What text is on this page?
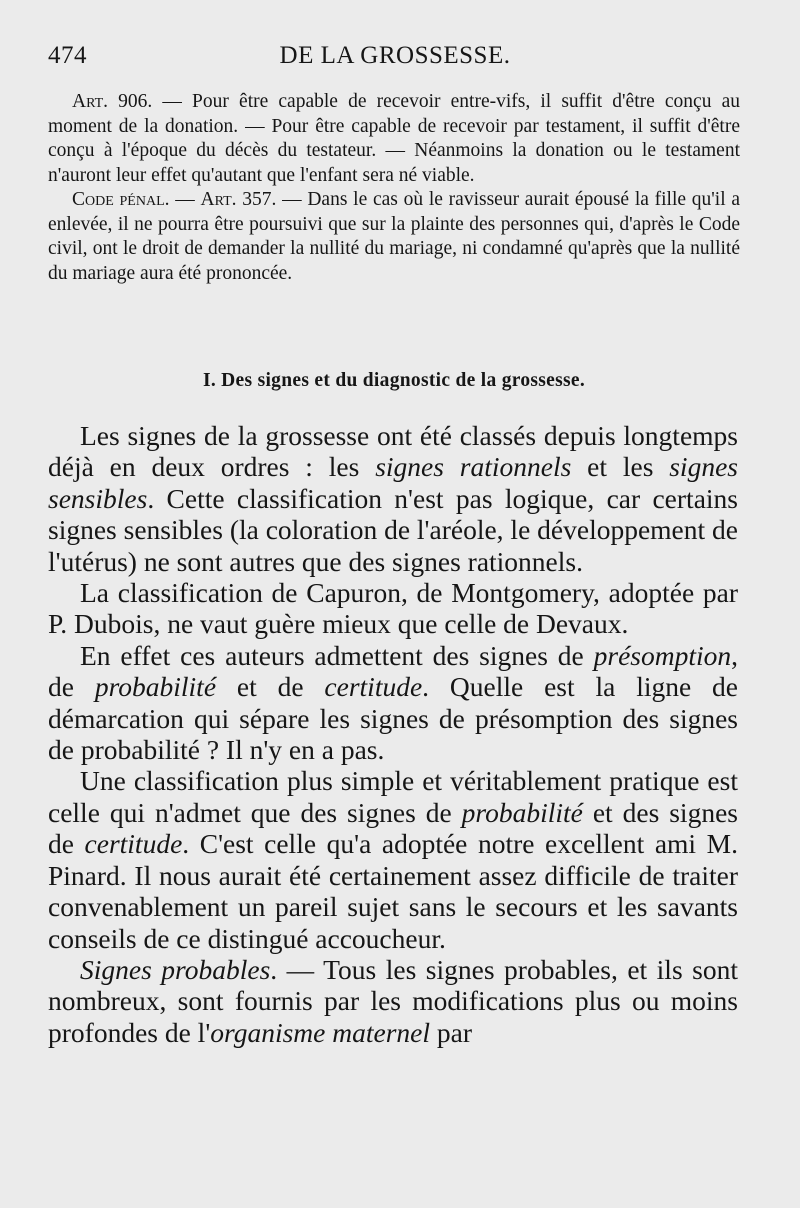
474	DE LA GROSSESSE.

Art. 906. — Pour être capable de recevoir entre-vifs, il suffit d'être conçu au moment de la donation. — Pour être capable de recevoir par testament, il suffit d'être conçu à l'époque du décès du testateur. — Néanmoins la donation ou le testament n'auront leur effet qu'autant que l'enfant sera né viable.

Code pénal. — Art. 357. — Dans le cas où le ravisseur aurait épousé la fille qu'il a enlevée, il ne pourra être poursuivi que sur la plainte des personnes qui, d'après le Code civil, ont le droit de demander la nullité du mariage, ni condamné qu'après que la nullité du mariage aura été prononcée.

I. Des signes et du diagnostic de la grossesse.

Les signes de la grossesse ont été classés depuis longtemps déjà en deux ordres : les signes rationnels et les signes sensibles. Cette classification n'est pas logique, car certains signes sensibles (la coloration de l'aréole, le développement de l'utérus) ne sont autres que des signes rationnels.

La classification de Capuron, de Montgomery, adoptée par P. Dubois, ne vaut guère mieux que celle de Devaux.

En effet ces auteurs admettent des signes de présomption, de probabilité et de certitude. Quelle est la ligne de démarcation qui sépare les signes de présomption des signes de probabilité ? Il n'y en a pas.

Une classification plus simple et véritablement pratique est celle qui n'admet que des signes de probabilité et des signes de certitude. C'est celle qu'a adoptée notre excellent ami M. Pinard. Il nous aurait été certainement assez difficile de traiter convenablement un pareil sujet sans le secours et les savants conseils de ce distingué accoucheur.

Signes probables. — Tous les signes probables, et ils sont nombreux, sont fournis par les modifications plus ou moins profondes de l'organisme maternel par
